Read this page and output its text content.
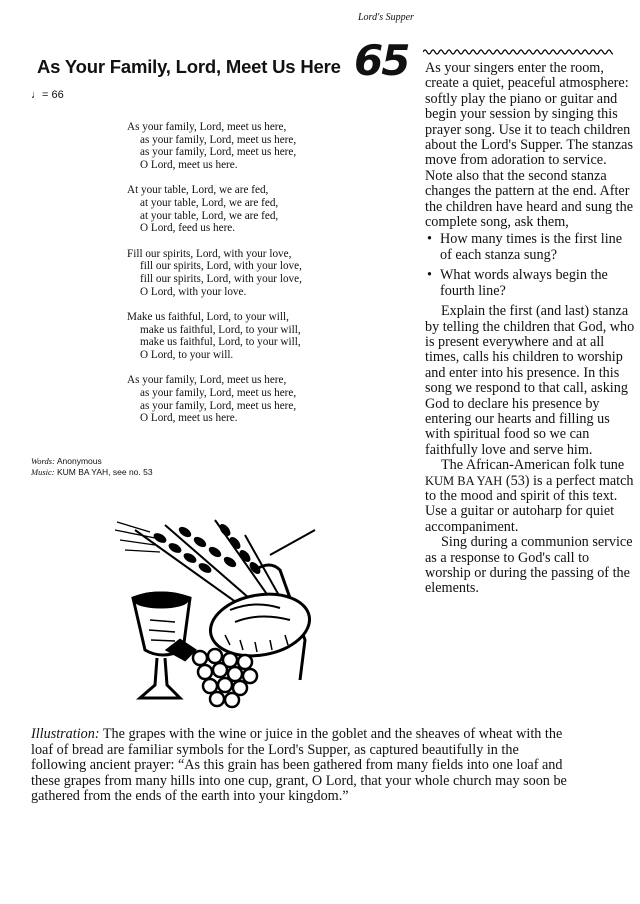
Lord's Supper
As Your Family, Lord, Meet Us Here 65
♩= 66
As your family, Lord, meet us here,
as your family, Lord, meet us here,
as your family, Lord, meet us here,
O Lord, meet us here.
At your table, Lord, we are fed,
at your table, Lord, we are fed,
at your table, Lord, we are fed,
O Lord, feed us here.
Fill our spirits, Lord, with your love,
fill our spirits, Lord, with your love,
fill our spirits, Lord, with your love,
O Lord, with your love.
Make us faithful, Lord, to your will,
make us faithful, Lord, to your will,
make us faithful, Lord, to your will,
O Lord, to your will.
As your family, Lord, meet us here,
as your family, Lord, meet us here,
as your family, Lord, meet us here,
O Lord, meet us here.
Words: Anonymous
Music: KUM BA YAH, see no. 53

As your singers enter the room, create a quiet, peaceful atmosphere: softly play the piano or guitar and begin your session by singing this prayer song. Use it to teach children about the Lord's Supper. The stanzas move from adoration to service. Note also that the second stanza changes the pattern at the end. After the children have heard and sung the complete song, ask them,

• How many times is the first line of each stanza sung?
• What words always begin the fourth line?

Explain the first (and last) stanza by telling the children that God, who is present everywhere and at all times, calls his children to worship and enter into his presence. In this song we respond to that call, asking God to declare his presence by entering our hearts and filling us with spiritual food so we can faithfully love and serve him.

The African-American folk tune KUM BA YAH (53) is a perfect match to the mood and spirit of this text. Use a guitar or autoharp for quiet accompaniment.

Sing during a communion service as a response to God's call to worship or during the passing of the elements.

Illustration: The grapes with the wine or juice in the goblet and the sheaves of wheat with the loaf of bread are familiar symbols for the Lord's Supper, as captured beautifully in the following ancient prayer: “As this grain has been gathered from many fields into one loaf and these grapes from many hills into one cup, grant, O Lord, that your whole church may soon be gathered from the ends of the earth into your kingdom.”
